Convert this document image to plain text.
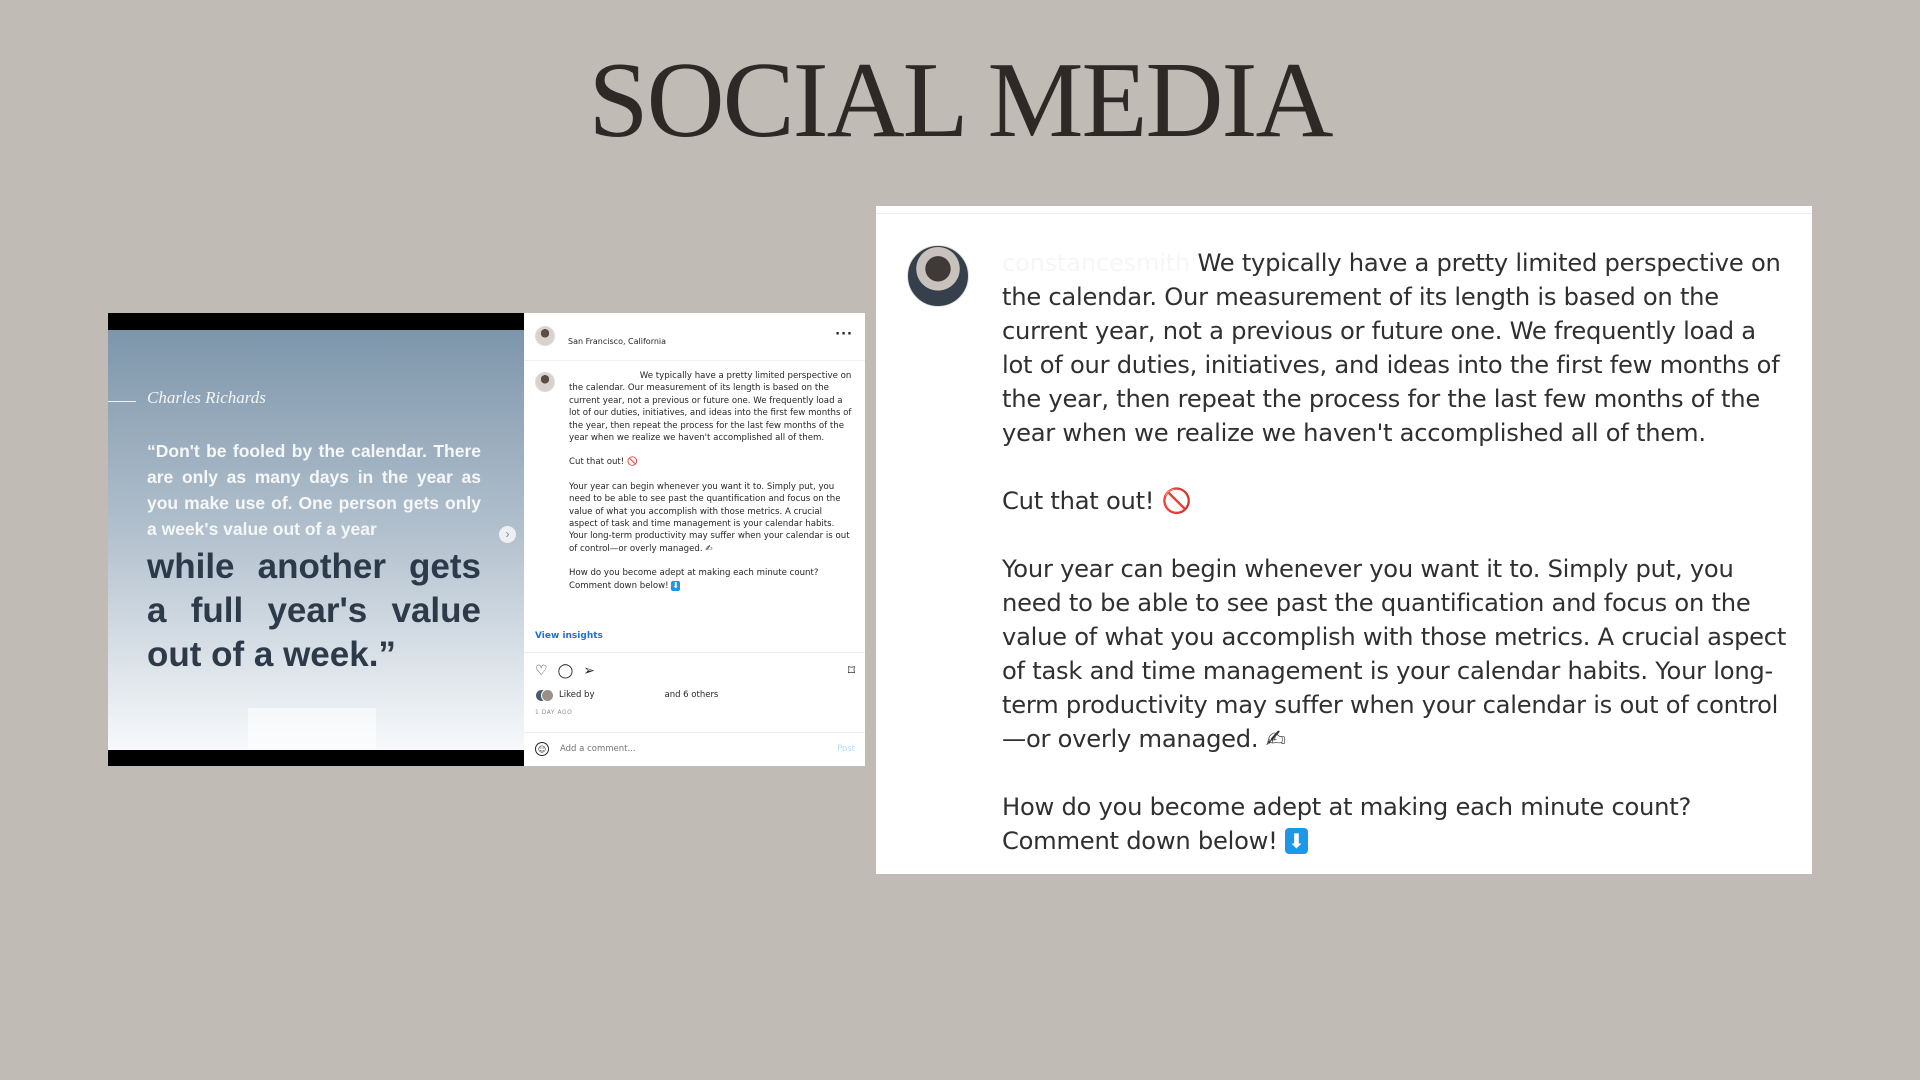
SOCIAL MEDIA
Charles Richards
“Don't be fooled by the calendar. There are only as many days in the year as you make use of. One person gets only a week's value out of a year
while another gets a full year's value out of a week.”
›
San Francisco, California	···

constancesmith We typically have a pretty limited perspective on the calendar. Our measurement of its length is based on the current year, not a previous or future one. We frequently load a lot of our duties, initiatives, and ideas into the first few months of the year, then repeat the process for the last few months of the year when we realize we haven't accomplished all of them.

Cut that out! 🚫

Your year can begin whenever you want it to. Simply put, you need to be able to see past the quantification and focus on the value of what you accomplish with those metrics. A crucial aspect of task and time management is your calendar habits. Your long-term productivity may suffer when your calendar is out of control—or overly managed. ✍

How do you become adept at making each minute count? Comment down below! ⬇

View insights
♡ ◯ ➢	⌑
Liked by	and 6 others
1 DAY AGO
☺
Add a comment...	Post

constancesmith We typically have a pretty limited perspective on the calendar. Our measurement of its length is based on the current year, not a previous or future one. We frequently load a lot of our duties, initiatives, and ideas into the first few months of the year, then repeat the process for the last few months of the year when we realize we haven't accomplished all of them.

Cut that out! 🚫

Your year can begin whenever you want it to. Simply put, you need to be able to see past the quantification and focus on the value of what you accomplish with those metrics. A crucial aspect of task and time management is your calendar habits. Your long-term productivity may suffer when your calendar is out of control—or overly managed. ✍

How do you become adept at making each minute count? Comment down below! ⬇
